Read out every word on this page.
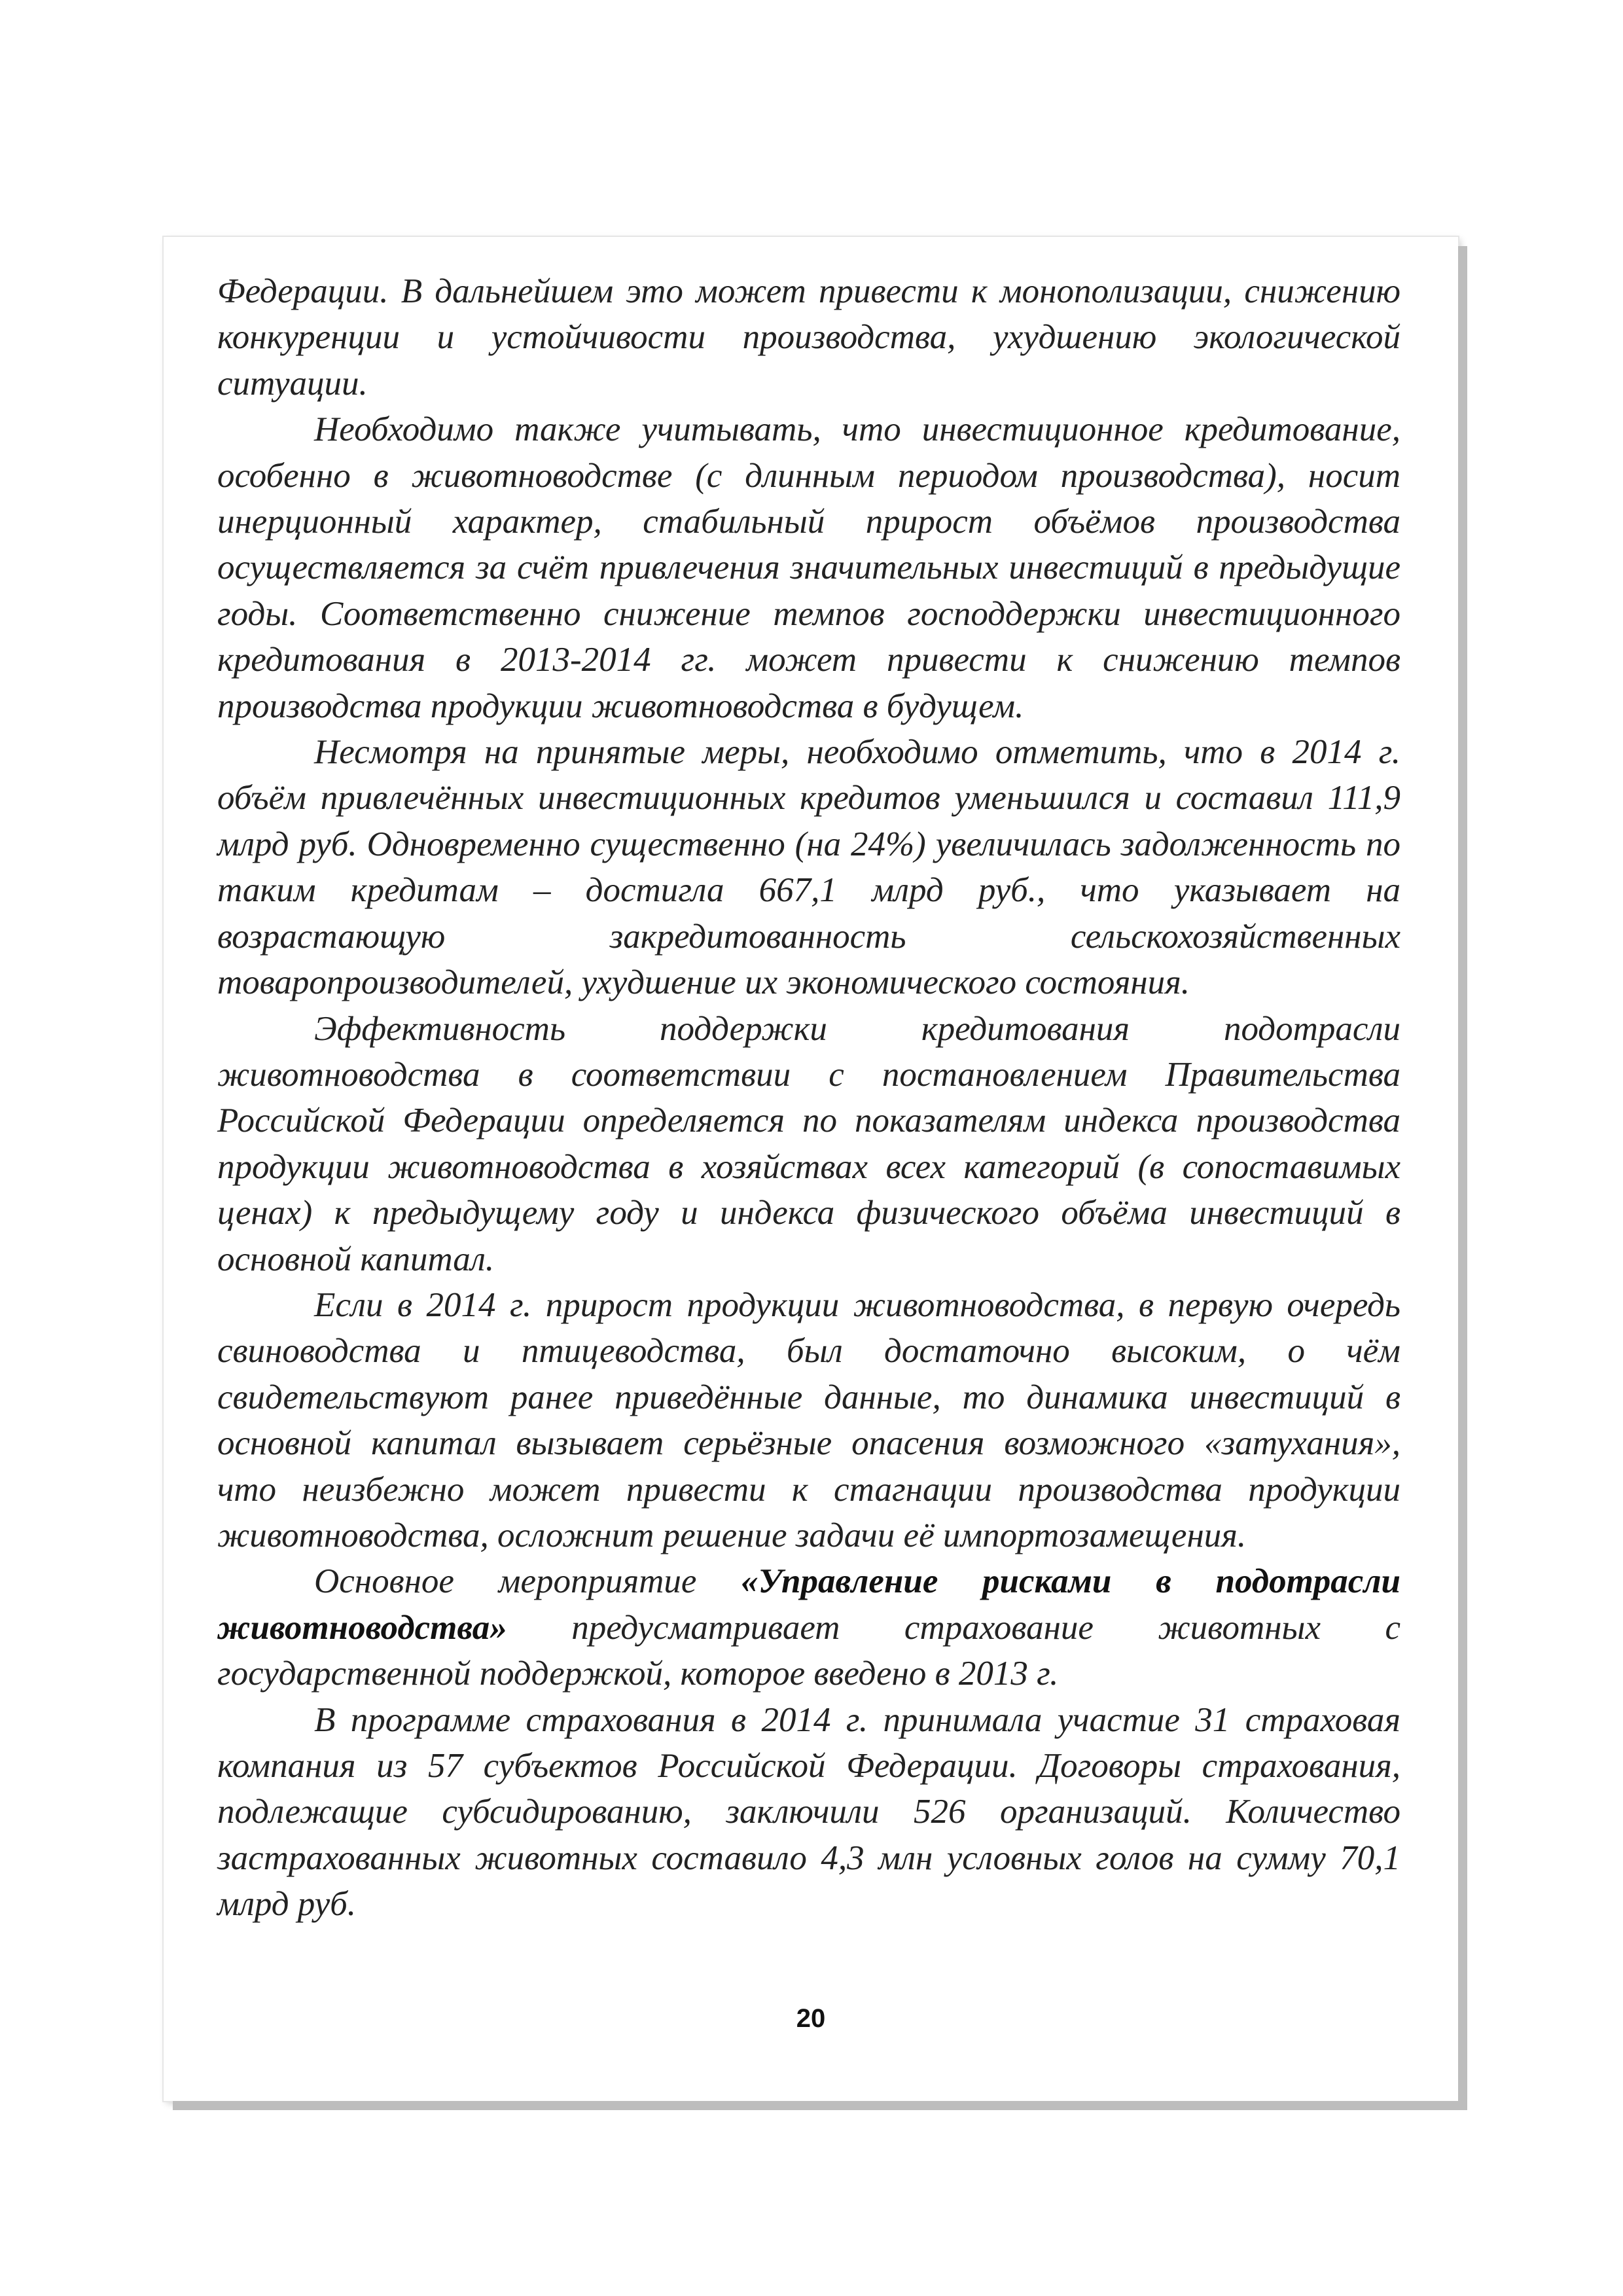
Федерации. В дальнейшем это может привести к монополизации, снижению конкуренции и устойчивости производства, ухудшению экологической ситуации.

Необходимо также учитывать, что инвестиционное кредитование, особенно в животноводстве (с длинным периодом производства), носит инерционный характер, стабильный прирост объёмов производства осуществляется за счёт привлечения значительных инвестиций в предыдущие годы. Соответственно снижение темпов господдержки инвестиционного кредитования в 2013-2014 гг. может привести к снижению темпов производства продукции животноводства в будущем.

Несмотря на принятые меры, необходимо отметить, что в 2014 г. объём привлечённых инвестиционных кредитов уменьшился и составил 111,9 млрд руб. Одновременно существенно (на 24%) увеличилась задолженность по таким кредитам – достигла 667,1 млрд руб., что указывает на возрастающую закредитованность сельскохозяйственных товаропроизводителей, ухудшение их экономического состояния.

Эффективность поддержки кредитования подотрасли животноводства в соответствии с постановлением Правительства Российской Федерации определяется по показателям индекса производства продукции животноводства в хозяйствах всех категорий (в сопоставимых ценах) к предыдущему году и индекса физического объёма инвестиций в основной капитал.

Если в 2014 г. прирост продукции животноводства, в первую очередь свиноводства и птицеводства, был достаточно высоким, о чём свидетельствуют ранее приведённые данные, то динамика инвестиций в основной капитал вызывает серьёзные опасения возможного «затухания», что неизбежно может привести к стагнации производства продукции животноводства, осложнит решение задачи её импортозамещения.

Основное мероприятие «Управление рисками в подотрасли животноводства» предусматривает страхование животных с государственной поддержкой, которое введено в 2013 г.

В программе страхования в 2014 г. принимала участие 31 страховая компания из 57 субъектов Российской Федерации. Договоры страхования, подлежащие субсидированию, заключили 526 организаций. Количество застрахованных животных составило 4,3 млн условных голов на сумму 70,1 млрд руб.

20
